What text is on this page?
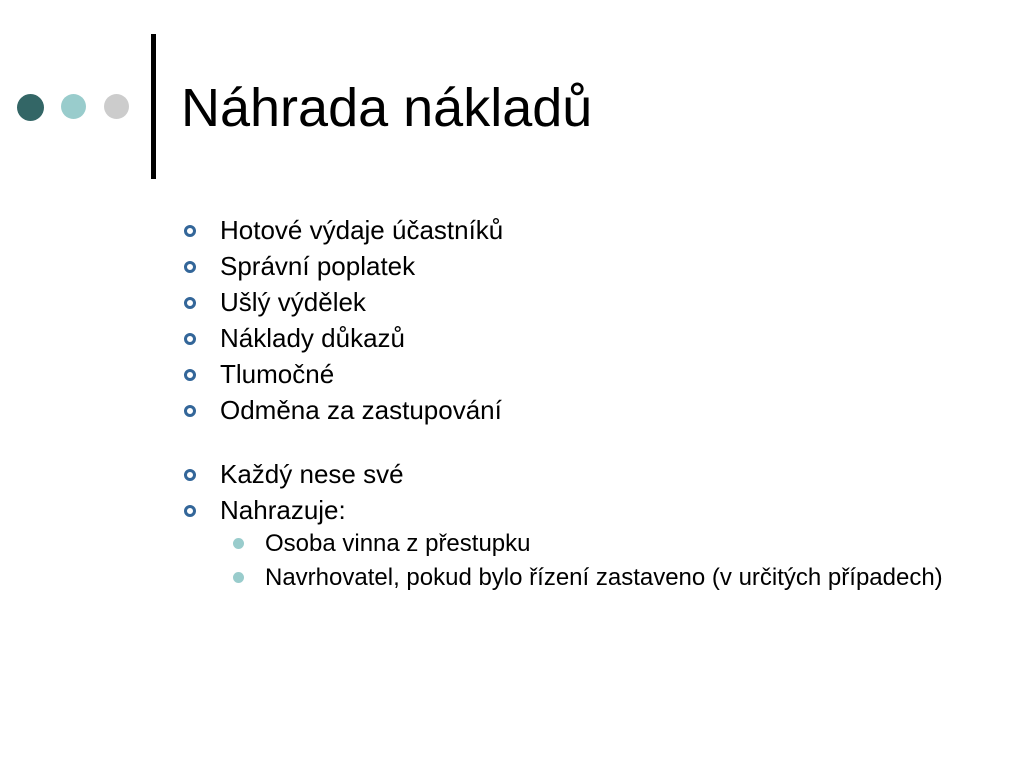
Náhrada nákladů
Hotové výdaje účastníků
Správní poplatek
Ušlý výdělek
Náklady důkazů
Tlumočné
Odměna za zastupování
Každý nese své
Nahrazuje:
Osoba vinna z přestupku
Navrhovatel, pokud bylo řízení zastaveno (v určitých případech)
